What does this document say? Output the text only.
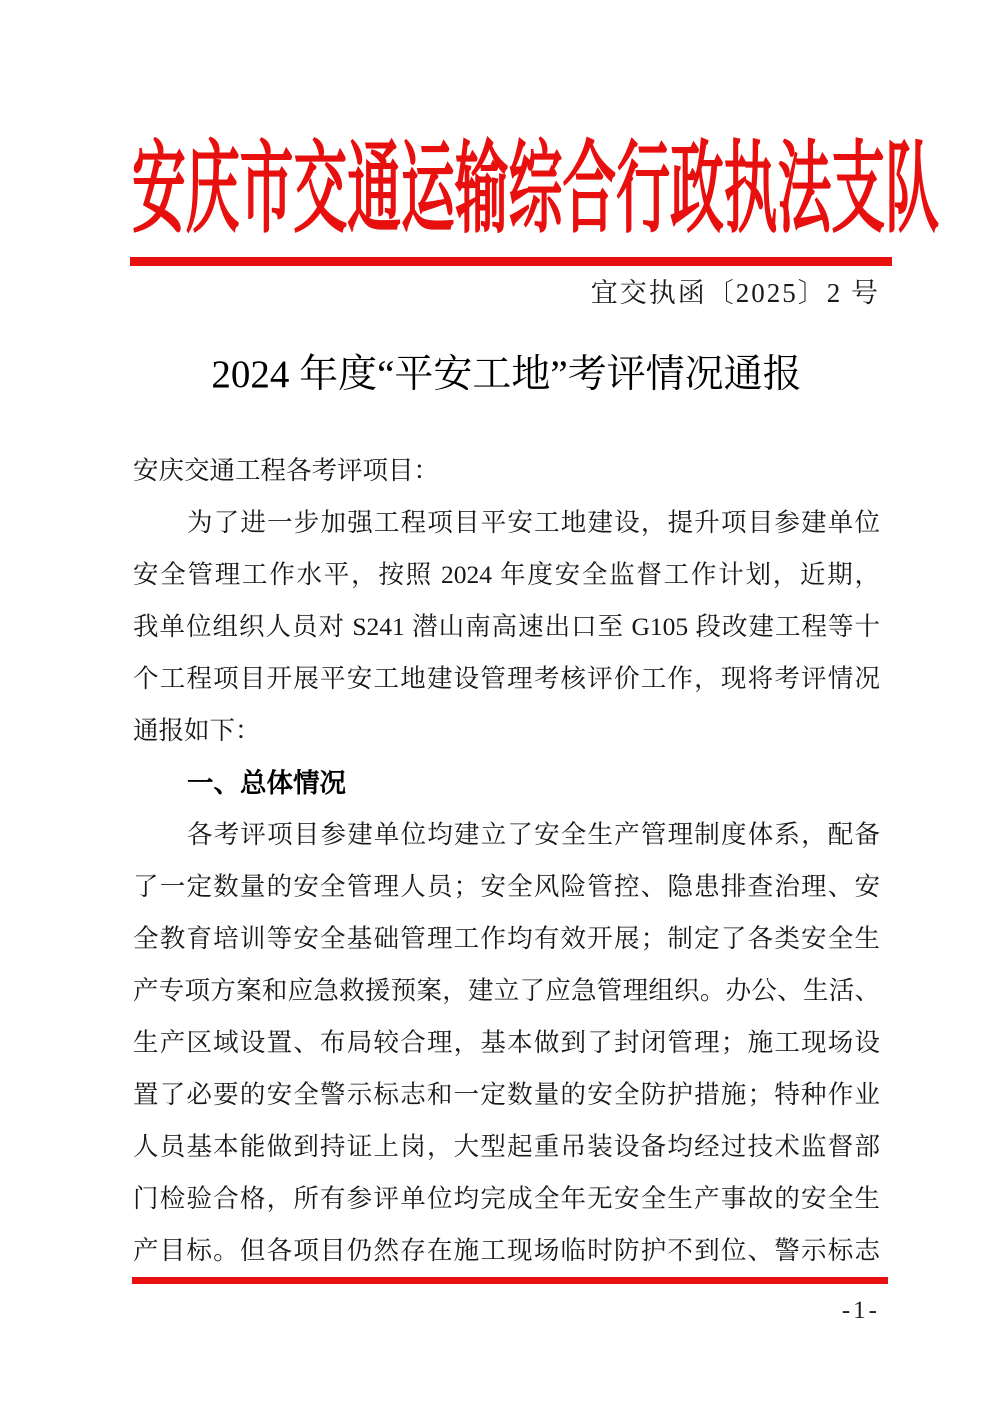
安庆市交通运输综合行政执法支队
宜交执函〔2025〕2 号
2024 年度“平安工地”考评情况通报
安庆交通工程各考评项目：
为了进一步加强工程项目平安工地建设，提升项目参建单位
安全管理工作水平，按照 2024 年度安全监督工作计划，近期，
我单位组织人员对 S241 潜山南高速出口至 G105 段改建工程等十
个工程项目开展平安工地建设管理考核评价工作，现将考评情况
通报如下：
一、总体情况
各考评项目参建单位均建立了安全生产管理制度体系，配备
了一定数量的安全管理人员；安全风险管控、隐患排查治理、安
全教育培训等安全基础管理工作均有效开展；制定了各类安全生
产专项方案和应急救援预案，建立了应急管理组织。办公、生活、
生产区域设置、布局较合理，基本做到了封闭管理；施工现场设
置了必要的安全警示标志和一定数量的安全防护措施；特种作业
人员基本能做到持证上岗，大型起重吊装设备均经过技术监督部
门检验合格，所有参评单位均完成全年无安全生产事故的安全生
产目标。但各项目仍然存在施工现场临时防护不到位、警示标志
-1-
